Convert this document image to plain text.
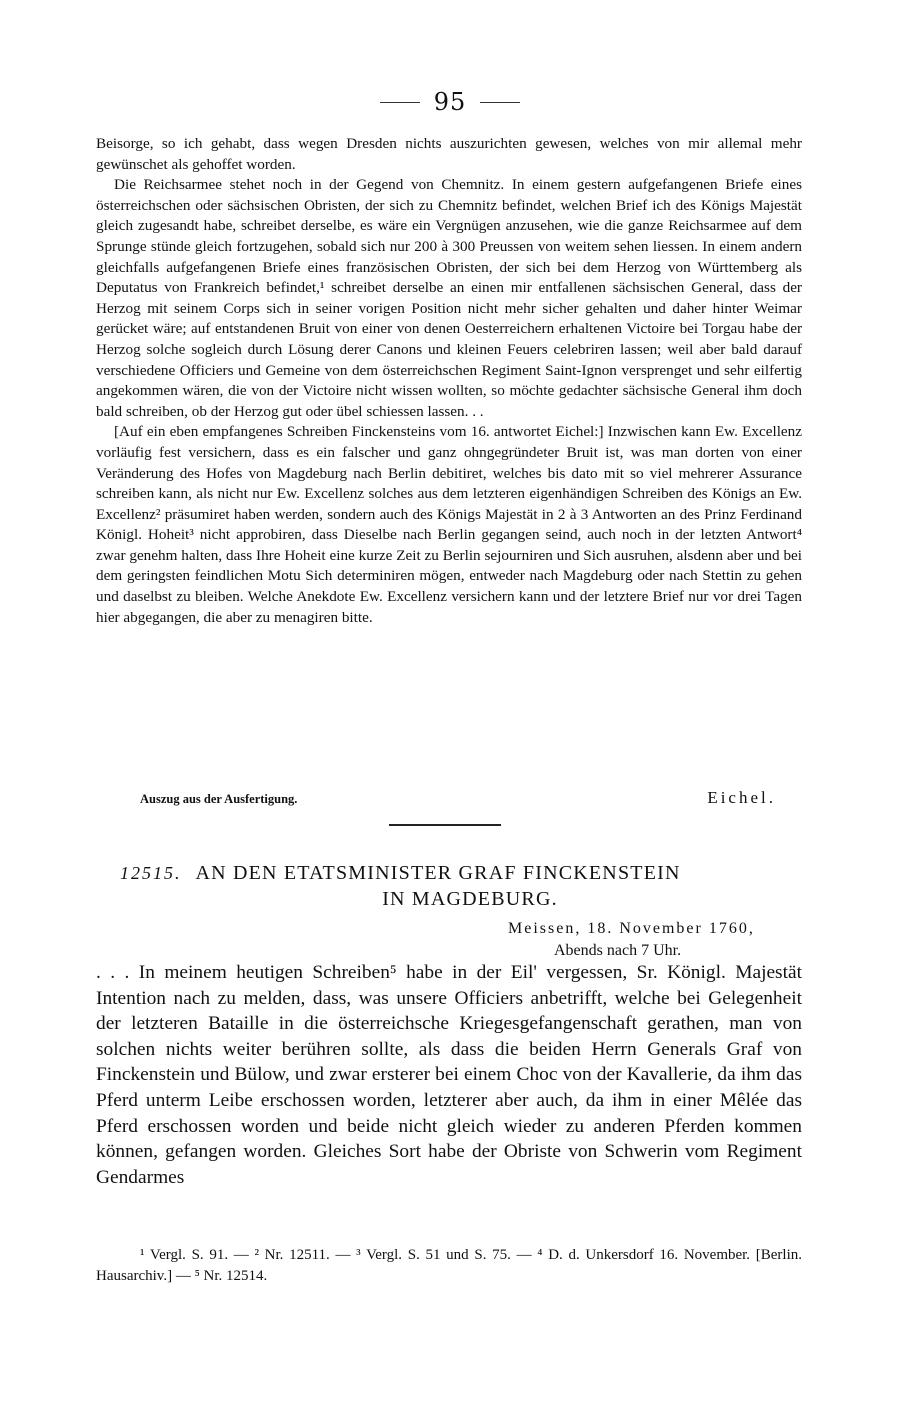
95

Beisorge, so ich gehabt, dass wegen Dresden nichts auszurichten gewesen, welches von mir allemal mehr gewünschet als gehoffet worden.

Die Reichsarmee stehet noch in der Gegend von Chemnitz. In einem gestern aufgefangenen Briefe eines österreichschen oder sächsischen Obristen, der sich zu Chemnitz befindet, welchen Brief ich des Königs Majestät gleich zugesandt habe, schreibet derselbe, es wäre ein Vergnügen anzusehen, wie die ganze Reichsarmee auf dem Sprunge stünde gleich fortzugehen, sobald sich nur 200 à 300 Preussen von weitem sehen liessen. In einem andern gleichfalls aufgefangenen Briefe eines französischen Obristen, der sich bei dem Herzog von Württemberg als Deputatus von Frankreich befindet,¹ schreibet derselbe an einen mir entfallenen sächsischen General, dass der Herzog mit seinem Corps sich in seiner vorigen Position nicht mehr sicher gehalten und daher hinter Weimar gerücket wäre; auf entstandenen Bruit von einer von denen Oesterreichern erhaltenen Victoire bei Torgau habe der Herzog solche sogleich durch Lösung derer Canons und kleinen Feuers celebriren lassen; weil aber bald darauf verschiedene Officiers und Gemeine von dem österreichschen Regiment Saint-Ignon versprenget und sehr eilfertig angekommen wären, die von der Victoire nicht wissen wollten, so möchte gedachter sächsische General ihm doch bald schreiben, ob der Herzog gut oder übel schiessen lassen. . .

[Auf ein eben empfangenes Schreiben Finckensteins vom 16. antwortet Eichel:] Inzwischen kann Ew. Excellenz vorläufig fest versichern, dass es ein falscher und ganz ohngegründeter Bruit ist, was man dorten von einer Veränderung des Hofes von Magdeburg nach Berlin debitiret, welches bis dato mit so viel mehrerer Assurance schreiben kann, als nicht nur Ew. Excellenz solches aus dem letzteren eigenhändigen Schreiben des Königs an Ew. Excellenz² präsumiret haben werden, sondern auch des Königs Majestät in 2 à 3 Antworten an des Prinz Ferdinand Königl. Hoheit³ nicht approbiren, dass Dieselbe nach Berlin gegangen seind, auch noch in der letzten Antwort⁴ zwar genehm halten, dass Ihre Hoheit eine kurze Zeit zu Berlin sejourniren und Sich ausruhen, alsdenn aber und bei dem geringsten feindlichen Motu Sich determiniren mögen, entweder nach Magdeburg oder nach Stettin zu gehen und daselbst zu bleiben. Welche Anekdote Ew. Excellenz versichern kann und der letztere Brief nur vor drei Tagen hier abgegangen, die aber zu menagiren bitte.

Auszug aus der Ausfertigung.	Eichel.
12515. AN DEN ETATSMINISTER GRAF FINCKENSTEIN
IN MAGDEBURG.
Meissen, 18. November 1760,
Abends nach 7 Uhr.

. . . In meinem heutigen Schreiben⁵ habe in der Eil' vergessen, Sr. Königl. Majestät Intention nach zu melden, dass, was unsere Officiers anbetrifft, welche bei Gelegenheit der letzteren Bataille in die österreichsche Kriegesgefangenschaft gerathen, man von solchen nichts weiter berühren sollte, als dass die beiden Herrn Generals Graf von Finckenstein und Bülow, und zwar ersterer bei einem Choc von der Kavallerie, da ihm das Pferd unterm Leibe erschossen worden, letzterer aber auch, da ihm in einer Mêlée das Pferd erschossen worden und beide nicht gleich wieder zu anderen Pferden kommen können, gefangen worden. Gleiches Sort habe der Obriste von Schwerin vom Regiment Gendarmes

¹ Vergl. S. 91. — ² Nr. 12511. — ³ Vergl. S. 51 und S. 75. — ⁴ D. d. Unkersdorf 16. November. [Berlin. Hausarchiv.] — ⁵ Nr. 12514.
